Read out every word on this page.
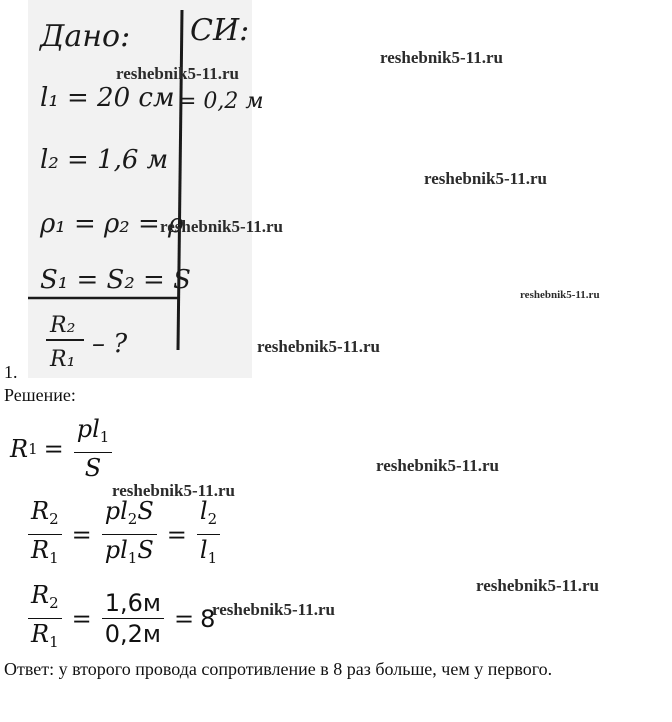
Дано: СИ:
l₁ = 20 см = 0,2 м
l₂ = 1,6 м
ρ₁ = ρ₂ = ρ
S₁ = S₂ = S
R₂
R₁
– ?
1.
Решение:
R $1 = \frac{pl_1}{S}$
$\frac{R_2}{R_1} = \frac{pl_2S}{pl_1S} = \frac{l_2}{l_1}$
$\frac{R_2}{R_1} = \frac{1,6м}{0,2м} = 8$
Ответ: у второго провода сопротивление в 8 раз больше, чем у первого.
reshebnik5-11.ru
reshebnik5-11.ru
reshebnik5-11.ru
reshebnik5-11.ru
reshebnik5-11.ru
reshebnik5-11.ru
reshebnik5-11.ru
reshebnik5-11.ru
reshebnik5-11.ru
reshebnik5-11.ru
